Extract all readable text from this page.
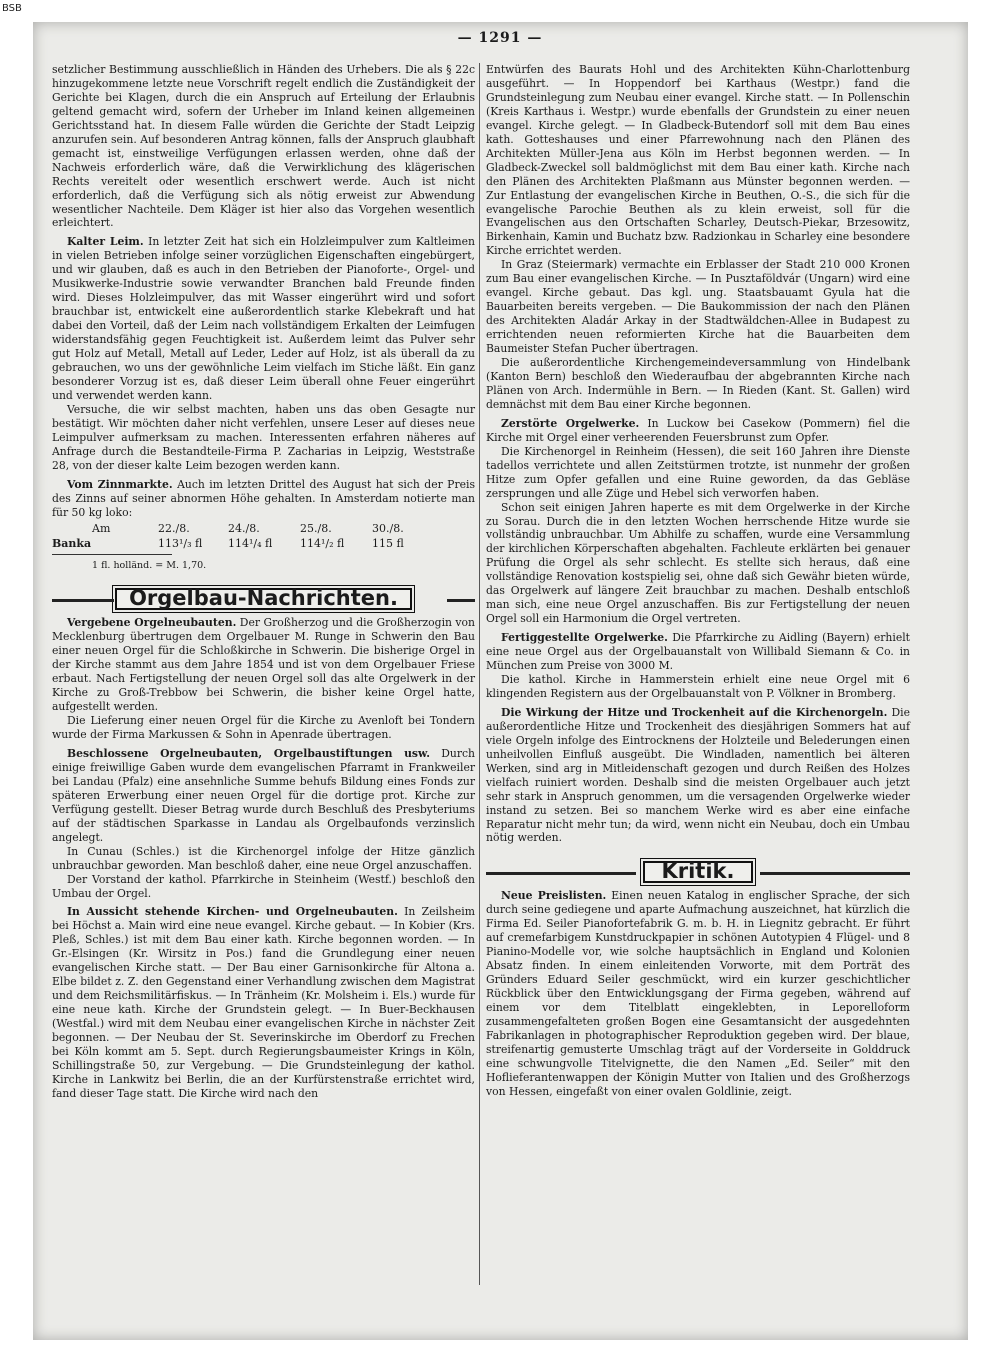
BSB
— 1291 —

setzlicher Bestimmung ausschließlich in Händen des Urhebers. Die als § 22c hinzugekommene letzte neue Vorschrift regelt endlich die Zuständigkeit der Gerichte bei Klagen, durch die ein Anspruch auf Erteilung der Erlaubnis geltend gemacht wird, sofern der Urheber im Inland keinen allgemeinen Gerichtsstand hat. In diesem Falle würden die Gerichte der Stadt Leipzig anzurufen sein. Auf besonderen Antrag können, falls der Anspruch glaubhaft gemacht ist, einstweilige Verfügungen erlassen werden, ohne daß der Nachweis erforderlich wäre, daß die Verwirklichung des klägerischen Rechts vereitelt oder wesentlich erschwert werde. Auch ist nicht erforderlich, daß die Verfügung sich als nötig erweist zur Abwendung wesentlicher Nachteile. Dem Kläger ist hier also das Vorgehen wesentlich erleichtert.

Kalter Leim. In letzter Zeit hat sich ein Holzleimpulver zum Kaltleimen in vielen Betrieben infolge seiner vorzüglichen Eigenschaften eingebürgert, und wir glauben, daß es auch in den Betrieben der Pianoforte-, Orgel- und Musikwerke-Industrie sowie verwandter Branchen bald Freunde finden wird. Dieses Holzleimpulver, das mit Wasser eingerührt wird und sofort brauchbar ist, entwickelt eine außerordentlich starke Klebekraft und hat dabei den Vorteil, daß der Leim nach vollständigem Erkalten der Leimfugen widerstandsfähig gegen Feuchtigkeit ist. Außerdem leimt das Pulver sehr gut Holz auf Metall, Metall auf Leder, Leder auf Holz, ist als überall da zu gebrauchen, wo uns der gewöhnliche Leim vielfach im Stiche läßt. Ein ganz besonderer Vorzug ist es, daß dieser Leim überall ohne Feuer eingerührt und verwendet werden kann.

Versuche, die wir selbst machten, haben uns das oben Gesagte nur bestätigt. Wir möchten daher nicht verfehlen, unsere Leser auf dieses neue Leimpulver aufmerksam zu machen. Interessenten erfahren näheres auf Anfrage durch die Bestandteile-Firma P. Zacharias in Leipzig, Weststraße 28, von der dieser kalte Leim bezogen werden kann.

Vom Zinnmarkte. Auch im letzten Drittel des August hat sich der Preis des Zinns auf seiner abnormen Höhe gehalten. In Amsterdam notierte man für 50 kg loko:

Am	22./8.	24./8.	25./8.	30./8.
Banka	113¹/₃ fl	114¹/₄ fl	114¹/₂ fl	115 fl

1 fl. holländ. = M. 1,70.

Orgelbau-Nachrichten.

Vergebene Orgelneubauten. Der Großherzog und die Großherzogin von Mecklenburg übertrugen dem Orgelbauer M. Runge in Schwerin den Bau einer neuen Orgel für die Schloßkirche in Schwerin. Die bisherige Orgel in der Kirche stammt aus dem Jahre 1854 und ist von dem Orgelbauer Friese erbaut. Nach Fertigstellung der neuen Orgel soll das alte Orgelwerk in der Kirche zu Groß-Trebbow bei Schwerin, die bisher keine Orgel hatte, aufgestellt werden.

Die Lieferung einer neuen Orgel für die Kirche zu Avenloft bei Tondern wurde der Firma Markussen & Sohn in Apenrade übertragen.

Beschlossene Orgelneubauten, Orgelbaustiftungen usw. Durch einige freiwillige Gaben wurde dem evangelischen Pfarramt in Frankweiler bei Landau (Pfalz) eine ansehnliche Summe behufs Bildung eines Fonds zur späteren Erwerbung einer neuen Orgel für die dortige prot. Kirche zur Verfügung gestellt. Dieser Betrag wurde durch Beschluß des Presbyteriums auf der städtischen Sparkasse in Landau als Orgelbaufonds verzinslich angelegt.

In Cunau (Schles.) ist die Kirchenorgel infolge der Hitze gänzlich unbrauchbar geworden. Man beschloß daher, eine neue Orgel anzuschaffen.

Der Vorstand der kathol. Pfarrkirche in Steinheim (Westf.) beschloß den Umbau der Orgel.

In Aussicht stehende Kirchen- und Orgelneubauten. In Zeilsheim bei Höchst a. Main wird eine neue evangel. Kirche gebaut. — In Kobier (Krs. Pleß, Schles.) ist mit dem Bau einer kath. Kirche begonnen worden. — In Gr.-Elsingen (Kr. Wirsitz in Pos.) fand die Grundlegung einer neuen evangelischen Kirche statt. — Der Bau einer Garnisonkirche für Altona a. Elbe bildet z. Z. den Gegenstand einer Verhandlung zwischen dem Magistrat und dem Reichsmilitärfiskus. — In Tränheim (Kr. Molsheim i. Els.) wurde für eine neue kath. Kirche der Grundstein gelegt. — In Buer-Beckhausen (Westfal.) wird mit dem Neubau einer evangelischen Kirche in nächster Zeit begonnen. — Der Neubau der St. Severinskirche im Oberdorf zu Frechen bei Köln kommt am 5. Sept. durch Regierungsbaumeister Krings in Köln, Schillingstraße 50, zur Vergebung. — Die Grundsteinlegung der kathol. Kirche in Lankwitz bei Berlin, die an der Kurfürstenstraße errichtet wird, fand dieser Tage statt. Die Kirche wird nach den

Entwürfen des Baurats Hohl und des Architekten Kühn-Charlottenburg ausgeführt. — In Hoppendorf bei Karthaus (Westpr.) fand die Grundsteinlegung zum Neubau einer evangel. Kirche statt. — In Pollenschin (Kreis Karthaus i. Westpr.) wurde ebenfalls der Grundstein zu einer neuen evangel. Kirche gelegt. — In Gladbeck-Butendorf soll mit dem Bau eines kath. Gotteshauses und einer Pfarrewohnung nach den Plänen des Architekten Müller-Jena aus Köln im Herbst begonnen werden. — In Gladbeck-Zweckel soll baldmöglichst mit dem Bau einer kath. Kirche nach den Plänen des Architekten Plaßmann aus Münster begonnen werden. — Zur Entlastung der evangelischen Kirche in Beuthen, O.-S., die sich für die evangelische Parochie Beuthen als zu klein erweist, soll für die Evangelischen aus den Ortschaften Scharley, Deutsch-Piekar, Brzesowitz, Birkenhain, Kamin und Buchatz bzw. Radzionkau in Scharley eine besondere Kirche errichtet werden.

In Graz (Steiermark) vermachte ein Erblasser der Stadt 210 000 Kronen zum Bau einer evangelischen Kirche. — In Pusztaföldvár (Ungarn) wird eine evangel. Kirche gebaut. Das kgl. ung. Staatsbauamt Gyula hat die Bauarbeiten bereits vergeben. — Die Baukommission der nach den Plänen des Architekten Aladár Arkay in der Stadtwäldchen-Allee in Budapest zu errichtenden neuen reformierten Kirche hat die Bauarbeiten dem Baumeister Stefan Pucher übertragen.

Die außerordentliche Kirchengemeindeversammlung von Hindelbank (Kanton Bern) beschloß den Wiederaufbau der abgebrannten Kirche nach Plänen von Arch. Indermühle in Bern. — In Rieden (Kant. St. Gallen) wird demnächst mit dem Bau einer Kirche begonnen.

Zerstörte Orgelwerke. In Luckow bei Casekow (Pommern) fiel die Kirche mit Orgel einer verheerenden Feuersbrunst zum Opfer.

Die Kirchenorgel in Reinheim (Hessen), die seit 160 Jahren ihre Dienste tadellos verrichtete und allen Zeitstürmen trotzte, ist nunmehr der großen Hitze zum Opfer gefallen und eine Ruine geworden, da das Gebläse zersprungen und alle Züge und Hebel sich verworfen haben.

Schon seit einigen Jahren haperte es mit dem Orgelwerke in der Kirche zu Sorau. Durch die in den letzten Wochen herrschende Hitze wurde sie vollständig unbrauchbar. Um Abhilfe zu schaffen, wurde eine Versammlung der kirchlichen Körperschaften abgehalten. Fachleute erklärten bei genauer Prüfung die Orgel als sehr schlecht. Es stellte sich heraus, daß eine vollständige Renovation kostspielig sei, ohne daß sich Gewähr bieten würde, das Orgelwerk auf längere Zeit brauchbar zu machen. Deshalb entschloß man sich, eine neue Orgel anzuschaffen. Bis zur Fertigstellung der neuen Orgel soll ein Harmonium die Orgel vertreten.

Fertiggestellte Orgelwerke. Die Pfarrkirche zu Aidling (Bayern) erhielt eine neue Orgel aus der Orgelbauanstalt von Willibald Siemann & Co. in München zum Preise von 3000 M.

Die kathol. Kirche in Hammerstein erhielt eine neue Orgel mit 6 klingenden Registern aus der Orgelbauanstalt von P. Völkner in Bromberg.

Die Wirkung der Hitze und Trockenheit auf die Kirchenorgeln. Die außerordentliche Hitze und Trockenheit des diesjährigen Sommers hat auf viele Orgeln infolge des Eintrocknens der Holzteile und Belederungen einen unheilvollen Einfluß ausgeübt. Die Windladen, namentlich bei älteren Werken, sind arg in Mitleidenschaft gezogen und durch Reißen des Holzes vielfach ruiniert worden. Deshalb sind die meisten Orgelbauer auch jetzt sehr stark in Anspruch genommen, um die versagenden Orgelwerke wieder instand zu setzen. Bei so manchem Werke wird es aber eine einfache Reparatur nicht mehr tun; da wird, wenn nicht ein Neubau, doch ein Umbau nötig werden.

Kritik.

Neue Preislisten. Einen neuen Katalog in englischer Sprache, der sich durch seine gediegene und aparte Aufmachung auszeichnet, hat kürzlich die Firma Ed. Seiler Pianofortefabrik G. m. b. H. in Liegnitz gebracht. Er führt auf cremefarbigem Kunstdruckpapier in schönen Autotypien 4 Flügel- und 8 Pianino-Modelle vor, wie solche hauptsächlich in England und Kolonien Absatz finden. In einem einleitenden Vorworte, mit dem Porträt des Gründers Eduard Seiler geschmückt, wird ein kurzer geschichtlicher Rückblick über den Entwicklungsgang der Firma gegeben, während auf einem vor dem Titelblatt eingeklebten, in Leporelloform zusammengefalteten großen Bogen eine Gesamtansicht der ausgedehnten Fabrikanlagen in photographischer Reproduktion gegeben wird. Der blaue, streifenartig gemusterte Umschlag trägt auf der Vorderseite in Golddruck eine schwungvolle Titelvignette, die den Namen „Ed. Seiler“ mit den Hoflieferantenwappen der Königin Mutter von Italien und des Großherzogs von Hessen, eingefaßt von einer ovalen Goldlinie, zeigt.
